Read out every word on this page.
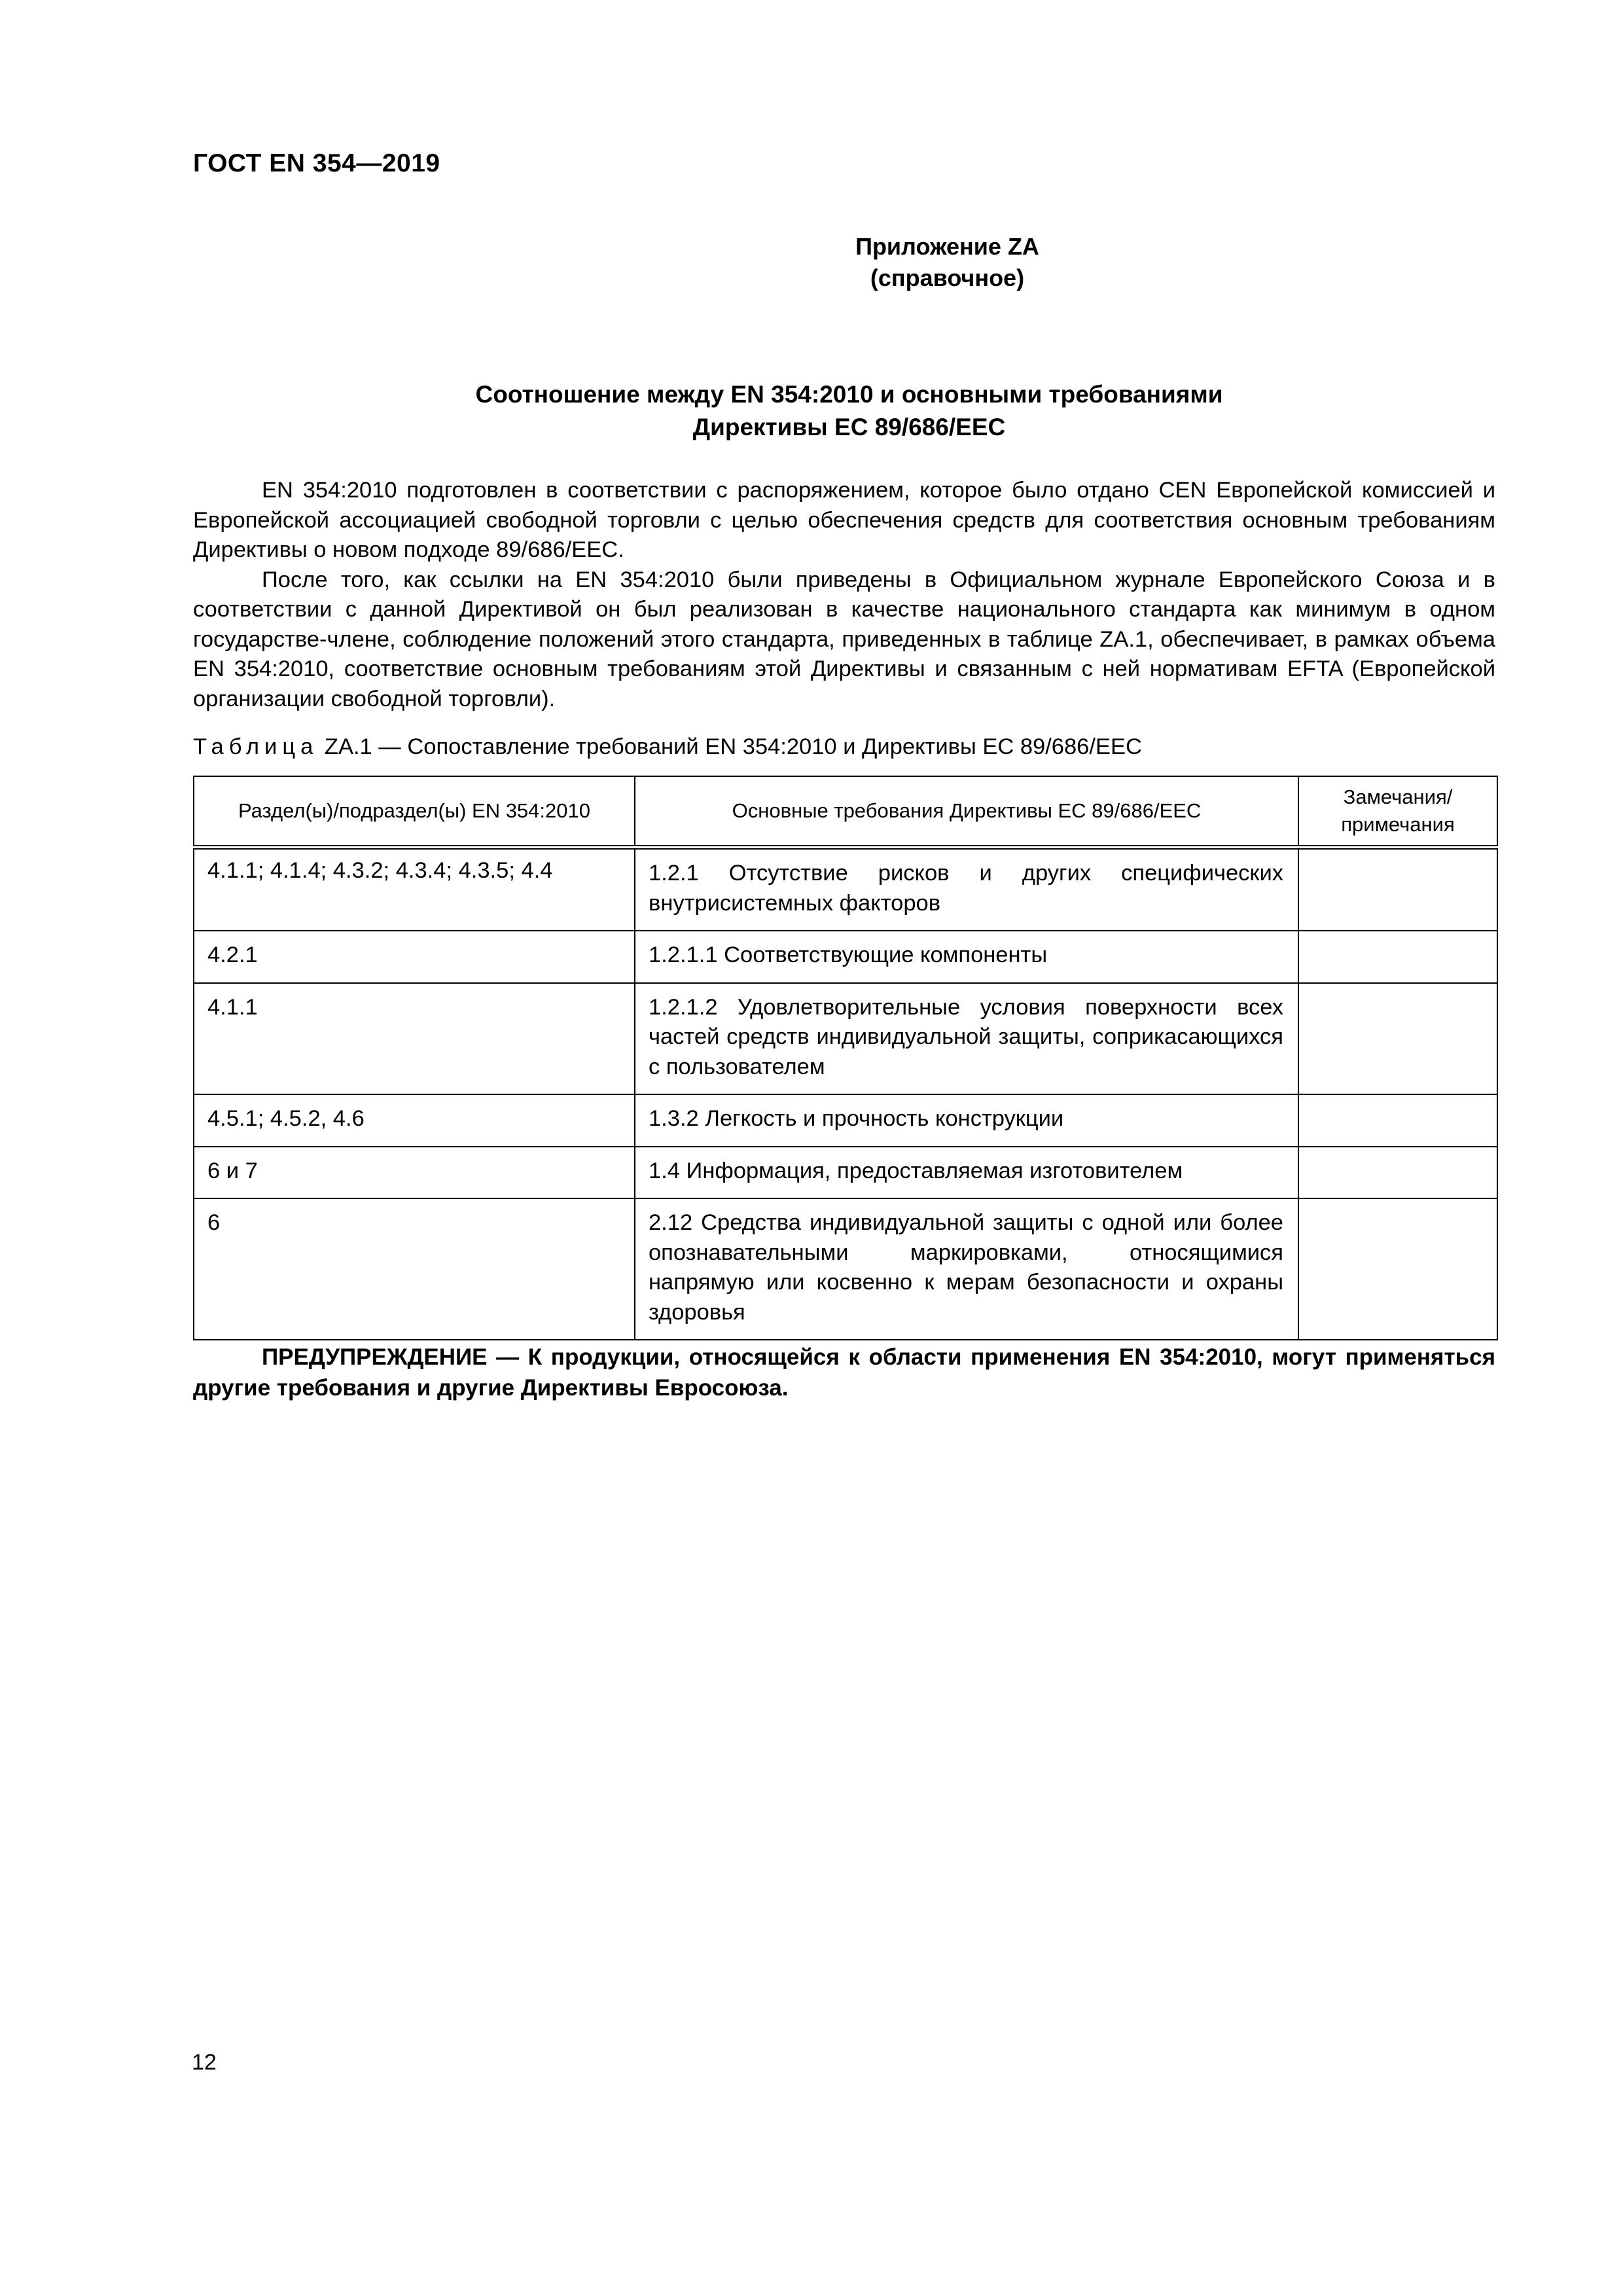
ГОСТ EN 354—2019
Приложение ZA
(справочное)
Соотношение между EN 354:2010 и основными требованиями
Директивы ЕС 89/686/EEC

EN 354:2010 подготовлен в соответствии с распоряжением, которое было отдано CEN Европейской комиссией и Европейской ассоциацией свободной торговли с целью обеспечения средств для соответствия основным требованиям Директивы о новом подходе 89/686/EEC.

После того, как ссылки на EN 354:2010 были приведены в Официальном журнале Европейского Союза и в соответствии с данной Директивой он был реализован в качестве национального стандарта как минимум в одном государстве-члене, соблюдение положений этого стандарта, приведенных в таблице ZA.1, обеспечивает, в рамках объема EN 354:2010, соответствие основным требованиям этой Директивы и связанным с ней нормативам EFTA (Европейской организации свободной торговли).

Таблица ZA.1 — Сопоставление требований EN 354:2010 и Директивы ЕС 89/686/EEC
Раздел(ы)/подраздел(ы) EN 354:2010	Основные требования Директивы ЕС 89/686/EEC	Замечания/ примечания
4.1.1; 4.1.4; 4.3.2; 4.3.4; 4.3.5; 4.4	1.2.1 Отсутствие рисков и других специфических внутрисистемных факторов	
4.2.1	1.2.1.1 Соответствующие компоненты	
4.1.1	1.2.1.2 Удовлетворительные условия поверхности всех частей средств индивидуальной защиты, соприкасающихся с пользователем	
4.5.1; 4.5.2, 4.6	1.3.2 Легкость и прочность конструкции	
6 и 7	1.4 Информация, предоставляемая изготовителем	
6	2.12 Средства индивидуальной защиты с одной или более опознавательными маркировками, относящимися напрямую или косвенно к мерам безопасности и охраны здоровья	
ПРЕДУПРЕЖДЕНИЕ — К продукции, относящейся к области применения EN 354:2010, могут применяться другие требования и другие Директивы Евросоюза.
12
